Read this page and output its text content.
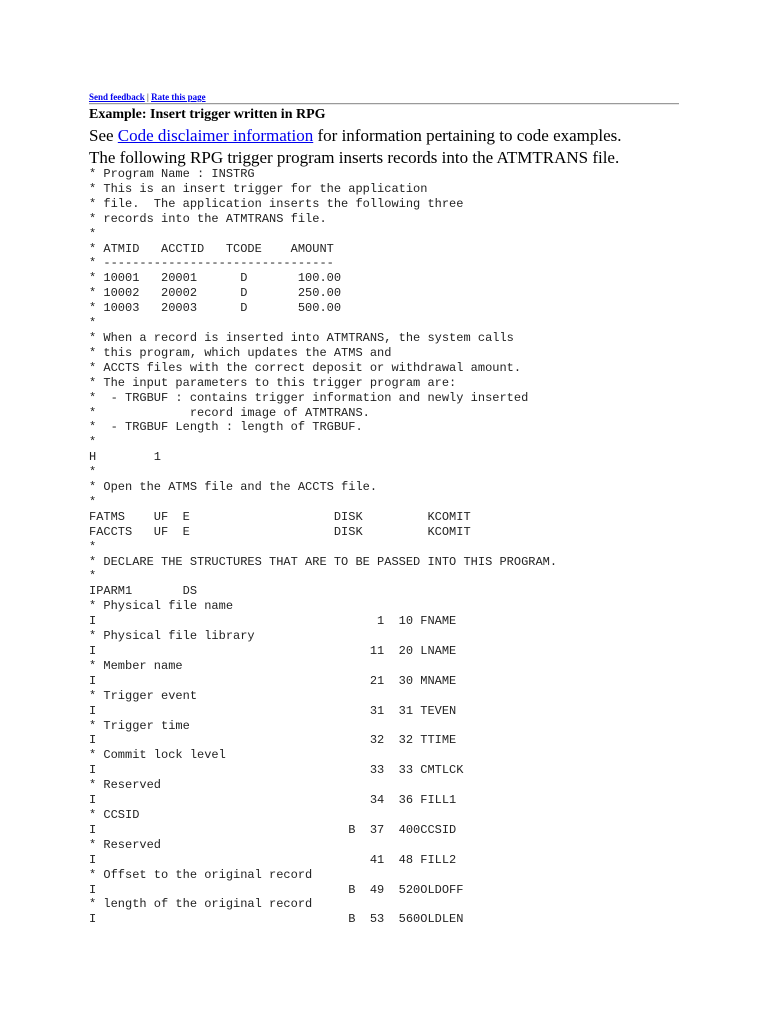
Send feedback | Rate this page
Example: Insert trigger written in RPG

See Code disclaimer information for information pertaining to code examples.

The following RPG trigger program inserts records into the ATMTRANS file.

* Program Name : INSTRG
* This is an insert trigger for the application
* file.  The application inserts the following three
* records into the ATMTRANS file.
*
* ATMID   ACCTID   TCODE    AMOUNT
* --------------------------------
* 10001   20001      D       100.00
* 10002   20002      D       250.00
* 10003   20003      D       500.00
*
* When a record is inserted into ATMTRANS, the system calls
* this program, which updates the ATMS and
* ACCTS files with the correct deposit or withdrawal amount.
* The input parameters to this trigger program are:
*  - TRGBUF : contains trigger information and newly inserted
*             record image of ATMTRANS.
*  - TRGBUF Length : length of TRGBUF.
*
H        1
*
* Open the ATMS file and the ACCTS file.
*
FATMS    UF  E                    DISK         KCOMIT
FACCTS   UF  E                    DISK         KCOMIT
*
* DECLARE THE STRUCTURES THAT ARE TO BE PASSED INTO THIS PROGRAM.
*
IPARM1       DS
* Physical file name
I                                       1  10 FNAME
* Physical file library
I                                      11  20 LNAME
* Member name
I                                      21  30 MNAME
* Trigger event
I                                      31  31 TEVEN
* Trigger time
I                                      32  32 TTIME
* Commit lock level
I                                      33  33 CMTLCK
* Reserved
I                                      34  36 FILL1
* CCSID
I                                   B  37  400CCSID
* Reserved
I                                      41  48 FILL2
* Offset to the original record
I                                   B  49  520OLDOFF
* length of the original record
I                                   B  53  560OLDLEN
